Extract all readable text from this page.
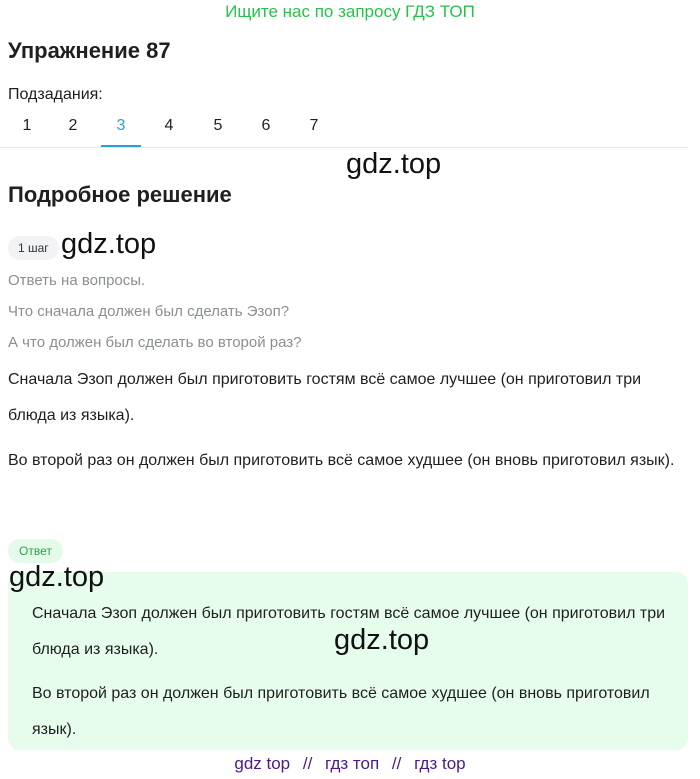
Ищите нас по запросу ГДЗ ТОП
Упражнение 87
Подзадания:
1	2	3	4	5	6	7
gdz.top
Подробное решение
1 шаг gdz.top
Ответь на вопросы.
Что сначала должен был сделать Эзоп?
А что должен был сделать во второй раз?

Сначала Эзоп должен был приготовить гостям всё самое лучшее (он приготовил три блюда из языка).

Во второй раз он должен был приготовить всё самое худшее (он вновь приготовил язык).

Ответ
gdz.top

Сначала Эзоп должен был приготовить гостям всё самое лучшее (он приготовил три блюда из языка).	gdz.top

Во второй раз он должен был приготовить всё самое худшее (он вновь приготовил язык).

gdz top // гдз топ // гдз top
